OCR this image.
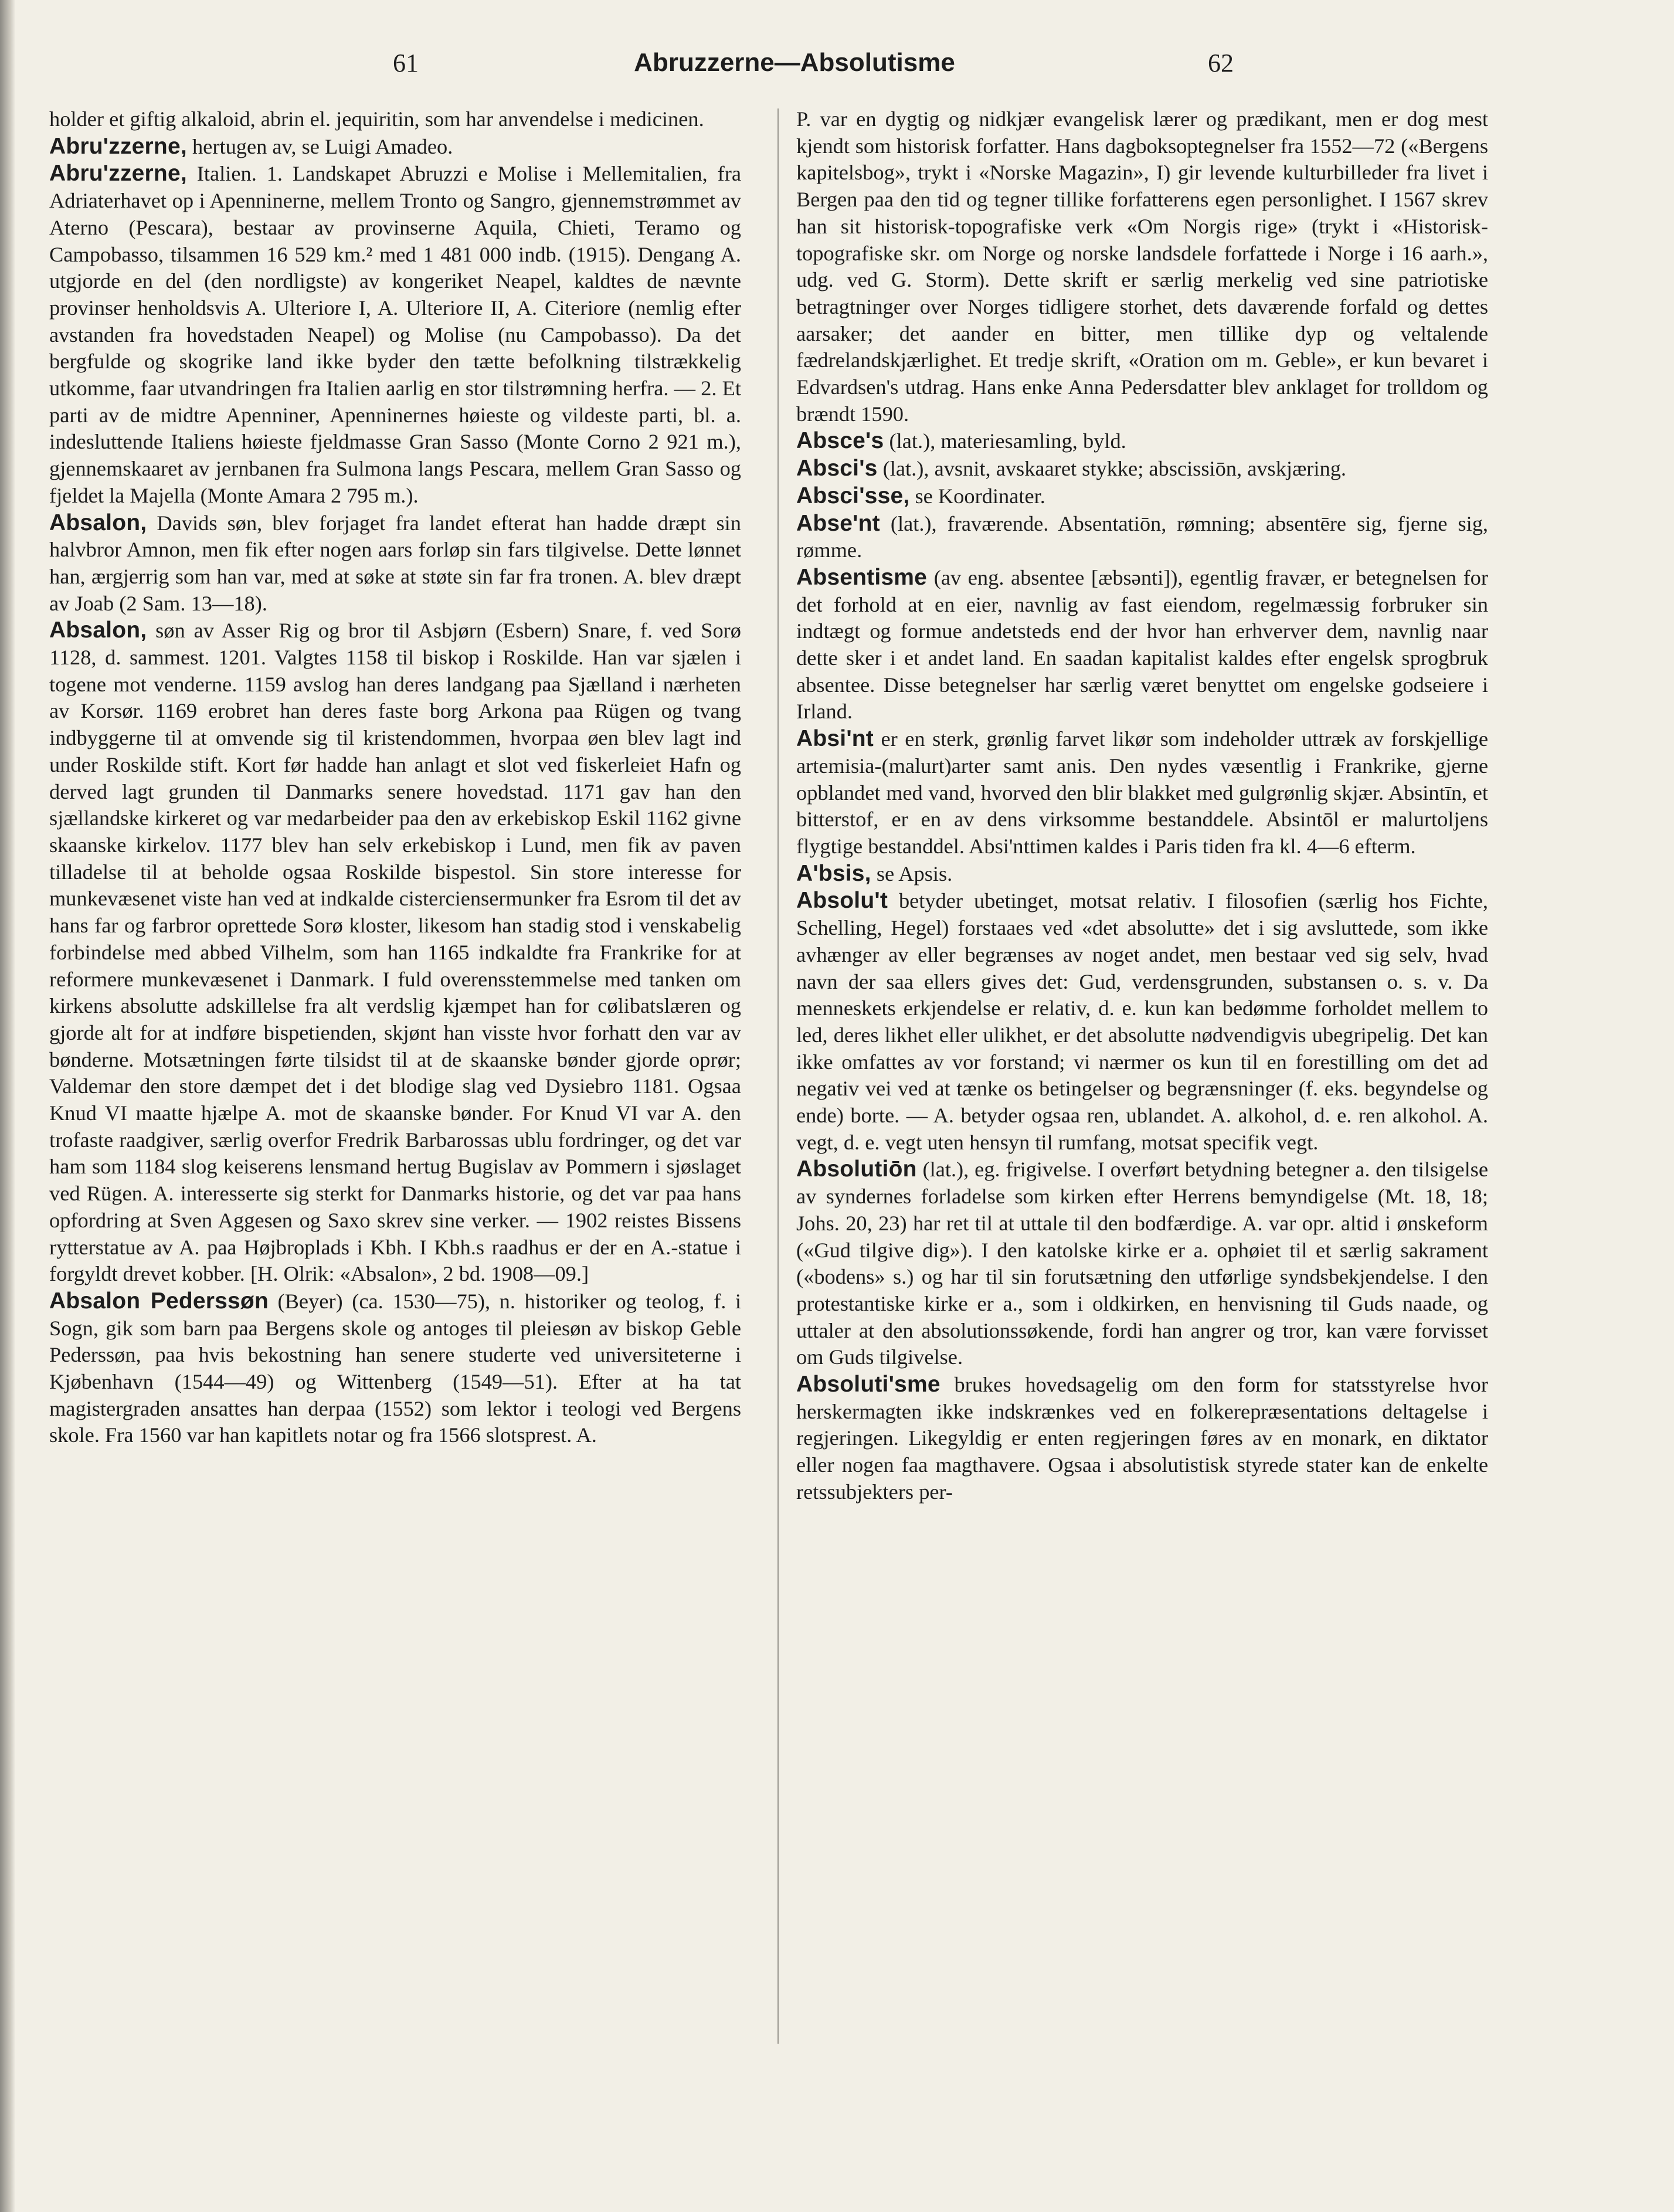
61	Abruzzerne—Absolutisme	62

holder et giftig alkaloid, abrin el. jequiritin, som har anvendelse i medicinen.

Abru'zzerne, hertugen av, se Luigi Amadeo.

Abru'zzerne, Italien. 1. Landskapet Abruzzi e Molise i Mellemitalien, fra Adriaterhavet op i Apenninerne, mellem Tronto og Sangro, gjennemstrømmet av Aterno (Pescara), bestaar av provinserne Aquila, Chieti, Teramo og Campobasso, tilsammen 16 529 km.² med 1 481 000 indb. (1915). Dengang A. utgjorde en del (den nordligste) av kongeriket Neapel, kaldtes de nævnte provinser henholdsvis A. Ulteriore I, A. Ulteriore II, A. Citeriore (nemlig efter avstanden fra hovedstaden Neapel) og Molise (nu Campobasso). Da det bergfulde og skogrike land ikke byder den tætte befolkning tilstrækkelig utkomme, faar utvandringen fra Italien aarlig en stor tilstrømning herfra. — 2. Et parti av de midtre Apenniner, Apenninernes høieste og vildeste parti, bl. a. indesluttende Italiens høieste fjeldmasse Gran Sasso (Monte Corno 2 921 m.), gjennemskaaret av jernbanen fra Sulmona langs Pescara, mellem Gran Sasso og fjeldet la Majella (Monte Amara 2 795 m.).

Absalon, Davids søn, blev forjaget fra landet efterat han hadde dræpt sin halvbror Amnon, men fik efter nogen aars forløp sin fars tilgivelse. Dette lønnet han, ærgjerrig som han var, med at søke at støte sin far fra tronen. A. blev dræpt av Joab (2 Sam. 13—18).

Absalon, søn av Asser Rig og bror til Asbjørn (Esbern) Snare, f. ved Sorø 1128, d. sammest. 1201. Valgtes 1158 til biskop i Roskilde. Han var sjælen i togene mot venderne. 1159 avslog han deres landgang paa Sjælland i nærheten av Korsør. 1169 erobret han deres faste borg Arkona paa Rügen og tvang indbyggerne til at omvende sig til kristendommen, hvorpaa øen blev lagt ind under Roskilde stift. Kort før hadde han anlagt et slot ved fiskerleiet Hafn og derved lagt grunden til Danmarks senere hovedstad. 1171 gav han den sjællandske kirkeret og var medarbeider paa den av erkebiskop Eskil 1162 givne skaanske kirkelov. 1177 blev han selv erkebiskop i Lund, men fik av paven tilladelse til at beholde ogsaa Roskilde bispestol. Sin store interesse for munkevæsenet viste han ved at indkalde cisterciensermunker fra Esrom til det av hans far og farbror oprettede Sorø kloster, likesom han stadig stod i venskabelig forbindelse med abbed Vilhelm, som han 1165 indkaldte fra Frankrike for at reformere munkevæsenet i Danmark. I fuld overensstemmelse med tanken om kirkens absolutte adskillelse fra alt verdslig kjæmpet han for cølibatslæren og gjorde alt for at indføre bispetienden, skjønt han visste hvor forhatt den var av bønderne. Motsætningen førte tilsidst til at de skaanske bønder gjorde oprør; Valdemar den store dæmpet det i det blodige slag ved Dysiebro 1181. Ogsaa Knud VI maatte hjælpe A. mot de skaanske bønder. For Knud VI var A. den trofaste raadgiver, særlig overfor Fredrik Barbarossas ublu fordringer, og det var ham som 1184 slog keiserens lensmand hertug Bugislav av Pommern i sjøslaget ved Rügen. A. interesserte sig sterkt for Danmarks historie, og det var paa hans opfordring at Sven Aggesen og Saxo skrev sine verker. — 1902 reistes Bissens rytterstatue av A. paa Højbroplads i Kbh. I Kbh.s raadhus er der en A.-statue i forgyldt drevet kobber. [H. Olrik: «Absalon», 2 bd. 1908—09.]

Absalon Pederssøn (Beyer) (ca. 1530—75), n. historiker og teolog, f. i Sogn, gik som barn paa Bergens skole og antoges til pleiesøn av biskop Geble Pederssøn, paa hvis bekostning han senere studerte ved universiteterne i Kjøbenhavn (1544—49) og Wittenberg (1549—51). Efter at ha tat magistergraden ansattes han derpaa (1552) som lektor i teologi ved Bergens skole. Fra 1560 var han kapitlets notar og fra 1566 slotsprest. A.

P. var en dygtig og nidkjær evangelisk lærer og prædikant, men er dog mest kjendt som historisk forfatter. Hans dagboksoptegnelser fra 1552—72 («Bergens kapitelsbog», trykt i «Norske Magazin», I) gir levende kulturbilleder fra livet i Bergen paa den tid og tegner tillike forfatterens egen personlighet. I 1567 skrev han sit historisk-topografiske verk «Om Norgis rige» (trykt i «Historisk-topografiske skr. om Norge og norske landsdele forfattede i Norge i 16 aarh.», udg. ved G. Storm). Dette skrift er særlig merkelig ved sine patriotiske betragtninger over Norges tidligere storhet, dets daværende forfald og dettes aarsaker; det aander en bitter, men tillike dyp og veltalende fædrelandskjærlighet. Et tredje skrift, «Oration om m. Geble», er kun bevaret i Edvardsen's utdrag. Hans enke Anna Pedersdatter blev anklaget for trolldom og brændt 1590.

Absce's (lat.), materiesamling, byld.

Absci's (lat.), avsnit, avskaaret stykke; abscissiōn, avskjæring.

Absci'sse, se Koordinater.

Abse'nt (lat.), fraværende. Absentatiōn, rømning; absentēre sig, fjerne sig, rømme.

Absentisme (av eng. absentee [æbsənti]), egentlig fravær, er betegnelsen for det forhold at en eier, navnlig av fast eiendom, regelmæssig forbruker sin indtægt og formue andetsteds end der hvor han erhverver dem, navnlig naar dette sker i et andet land. En saadan kapitalist kaldes efter engelsk sprogbruk absentee. Disse betegnelser har særlig været benyttet om engelske godseiere i Irland.

Absi'nt er en sterk, grønlig farvet likør som indeholder uttræk av forskjellige artemisia-(malurt)arter samt anis. Den nydes væsentlig i Frankrike, gjerne opblandet med vand, hvorved den blir blakket med gulgrønlig skjær. Absintīn, et bitterstof, er en av dens virksomme bestanddele. Absintōl er malurtoljens flygtige bestanddel. Absi'nttimen kaldes i Paris tiden fra kl. 4—6 efterm.

A'bsis, se Apsis.

Absolu't betyder ubetinget, motsat relativ. I filosofien (særlig hos Fichte, Schelling, Hegel) forstaaes ved «det absolutte» det i sig avsluttede, som ikke avhænger av eller begrænses av noget andet, men bestaar ved sig selv, hvad navn der saa ellers gives det: Gud, verdensgrunden, substansen o. s. v. Da menneskets erkjendelse er relativ, d. e. kun kan bedømme forholdet mellem to led, deres likhet eller ulikhet, er det absolutte nødvendigvis ubegripelig. Det kan ikke omfattes av vor forstand; vi nærmer os kun til en forestilling om det ad negativ vei ved at tænke os betingelser og begrænsninger (f. eks. begyndelse og ende) borte. — A. betyder ogsaa ren, ublandet. A. alkohol, d. e. ren alkohol. A. vegt, d. e. vegt uten hensyn til rumfang, motsat specifik vegt.

Absolutiōn (lat.), eg. frigivelse. I overført betydning betegner a. den tilsigelse av syndernes forladelse som kirken efter Herrens bemyndigelse (Mt. 18, 18; Johs. 20, 23) har ret til at uttale til den bodfærdige. A. var opr. altid i ønskeform («Gud tilgive dig»). I den katolske kirke er a. ophøiet til et særlig sakrament («bodens» s.) og har til sin forutsætning den utførlige syndsbekjendelse. I den protestantiske kirke er a., som i oldkirken, en henvisning til Guds naade, og uttaler at den absolutionssøkende, fordi han angrer og tror, kan være forvisset om Guds tilgivelse.

Absoluti'sme brukes hovedsagelig om den form for statsstyrelse hvor herskermagten ikke indskrænkes ved en folkerepræsentations deltagelse i regjeringen. Likegyldig er enten regjeringen føres av en monark, en diktator eller nogen faa magthavere. Ogsaa i absolutistisk styrede stater kan de enkelte retssubjekters per-
